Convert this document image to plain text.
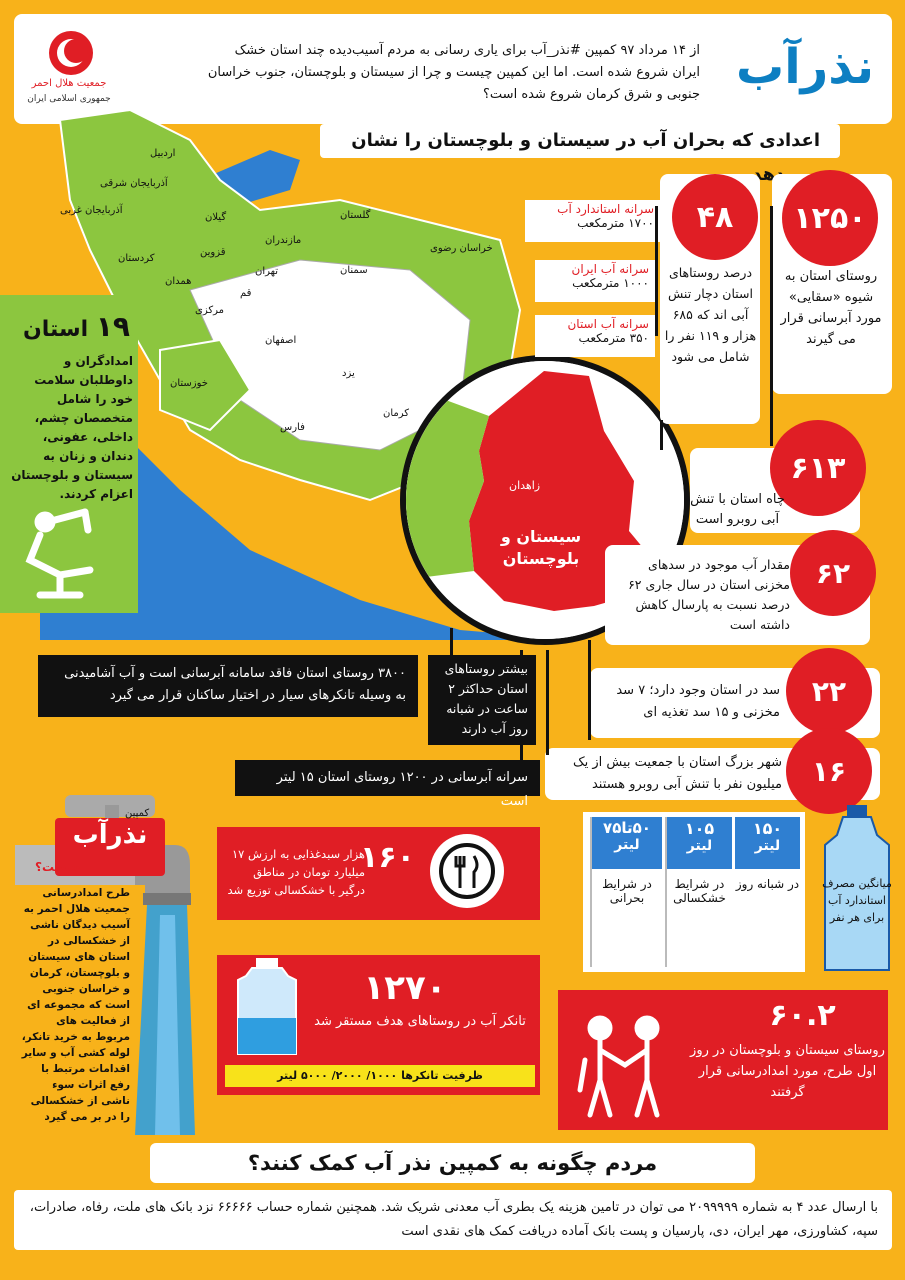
جمعیت هلال احمر
جمهوری اسلامی ایران
نذرآب
از ۱۴ مرداد ۹۷ کمپین #نذر_آب برای یاری رسانی به مردم آسیب‌دیده چند استان خشک ایران شروع شده است. اما این کمپین چیست و چرا از سیستان و بلوچستان، جنوب خراسان جنوبی و شرق کرمان شروع شده است؟
اعدادی که بحران آب در سیستان و بلوچستان را نشان دهد
اردبیل
آذربایجان شرقی
آذربایجان غربی
گیلان	گلستان
مازندران
کردستان
قزوین
تهران
خراسان رضوی
سمنان
همدان
قم
مرکزی
اصفهان
خوزستان
یزد
کرمان
فارس
زاهدان
سیستان و بلوچستان
سرانه استاندارد آب
۱۷۰۰ مترمکعب
سرانه آب ایران
۱۰۰۰ مترمکعب
سرانه آب استان
۳۵۰ مترمکعب
۱۲۵۰
روستای استان به شیوه «سقایی» مورد آبرسانی قرار می گیرند
۴۸
درصد روستاهای استان دچار تنش آبی اند که ۶۸۵ هزار و ۱۱۹ نفر را شامل می شود
۶۱۳
چاه استان با تنش آبی روبرو است
۶۲
مقدار آب موجود در سدهای مخزنی استان در سال جاری ۶۲ درصد نسبت به پارسال کاهش داشته است
۲۲
سد در استان وجود دارد؛ ۷ سد مخزنی و ۱۵ سد تغذیه ای
۱۶
شهر بزرگ استان با جمعیت بیش از یک میلیون نفر با تنش آبی روبرو هستند
۱۹ استان
امدادگران و داوطلبان سلامت خود را شامل متخصصان چشم، داخلی، عفونی، دندان و زنان به سیستان و بلوچستان اعزام کردند.
۳۸۰۰ روستای استان فاقد سامانه آبرسانی است و آب آشامیدنی به وسیله تانکرهای سیار در اختیار ساکنان قرار می گیرد
بیشتر روستاهای استان حداکثر ۲ ساعت در شبانه روز آب دارند
سرانه آبرسانی در ۱۲۰۰ روستای استان ۱۵ لیتر است
کمپین
نذرآب
چیست؟
طرح امدادرسانی جمعیت هلال احمر به آسیب دیدگان ناشی از خشکسالی در استان های سیستان و بلوچستان، کرمان و خراسان جنوبی است که مجموعه ای از فعالیت های مربوط به خرید تانکر، لوله کشی آب و سایر اقدامات مرتبط با رفع اثرات سوء ناشی از خشکسالی را در بر می گیرد
۱۶۰
هزار سبدغذایی به ارزش ۱۷ میلیارد تومان در مناطق درگیر با خشکسالی توزیع شد
۱۵۰
لیتر
در شبانه روز
۱۰۵
لیتر
در شرایط خشکسالی
۵۰تا۷۵
لیتر
در شرایط بحرانی
میانگین مصرف استاندارد آب برای هر نفر
۱۲۷۰
تانکر آب در روستاهای هدف مستقر شد
ظرفیت تانکرها ۱۰۰۰/ ۲۰۰۰/ ۵۰۰۰ لیتر
۶۰.۲
روستای سیستان و بلوچستان در روز اول طرح، مورد امدادرسانی قرار گرفتند
مردم چگونه به کمپین نذر آب کمک کنند؟
با ارسال عدد ۴ به شماره ۲۰۹۹۹۹۹ می توان در تامین هزینه یک بطری آب معدنی شریک شد. همچنین شماره حساب ۶۶۶۶۶ نزد بانک های ملت، رفاه، صادرات، سپه، کشاورزی، مهر ایران، دی، پارسیان و پست بانک آماده دریافت کمک های نقدی است
